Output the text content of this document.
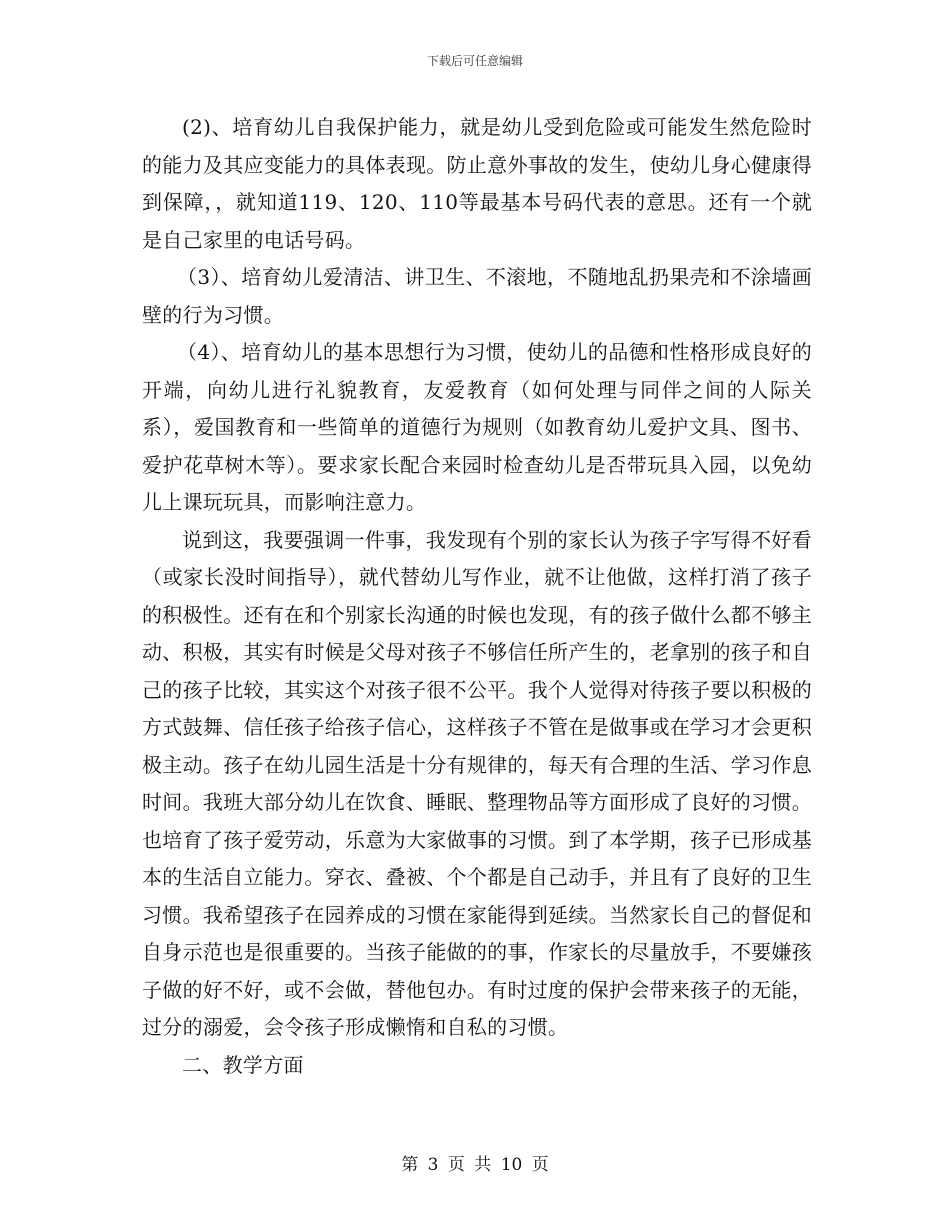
下载后可任意编辑

(2)、培育幼儿自我保护能力，就是幼儿受到危险或可能发生然危险时的能力及其应变能力的具体表现。防止意外事故的发生，使幼儿身心健康得到保障，，就知道119、120、110等最基本号码代表的意思。还有一个就是自己家里的电话号码。

（3）、培育幼儿爱清洁、讲卫生、不滚地，不随地乱扔果壳和不涂墙画壁的行为习惯。

（4）、培育幼儿的基本思想行为习惯，使幼儿的品德和性格形成良好的开端，向幼儿进行礼貌教育，友爱教育（如何处理与同伴之间的人际关系），爱国教育和一些简单的道德行为规则（如教育幼儿爱护文具、图书、爱护花草树木等）。要求家长配合来园时检查幼儿是否带玩具入园，以免幼儿上课玩玩具，而影响注意力。

说到这，我要强调一件事，我发现有个别的家长认为孩子字写得不好看（或家长没时间指导），就代替幼儿写作业，就不让他做，这样打消了孩子的积极性。还有在和个别家长沟通的时候也发现，有的孩子做什么都不够主动、积极，其实有时候是父母对孩子不够信任所产生的，老拿别的孩子和自己的孩子比较，其实这个对孩子很不公平。我个人觉得对待孩子要以积极的方式鼓舞、信任孩子给孩子信心，这样孩子不管在是做事或在学习才会更积极主动。孩子在幼儿园生活是十分有规律的，每天有合理的生活、学习作息时间。我班大部分幼儿在饮食、睡眠、整理物品等方面形成了良好的习惯。也培育了孩子爱劳动，乐意为大家做事的习惯。到了本学期，孩子已形成基本的生活自立能力。穿衣、叠被、个个都是自己动手，并且有了良好的卫生习惯。我希望孩子在园养成的习惯在家能得到延续。当然家长自己的督促和自身示范也是很重要的。当孩子能做的的事，作家长的尽量放手，不要嫌孩子做的好不好，或不会做，替他包办。有时过度的保护会带来孩子的无能，过分的溺爱，会令孩子形成懒惰和自私的习惯。

二、教学方面

第 3 页 共 10 页
